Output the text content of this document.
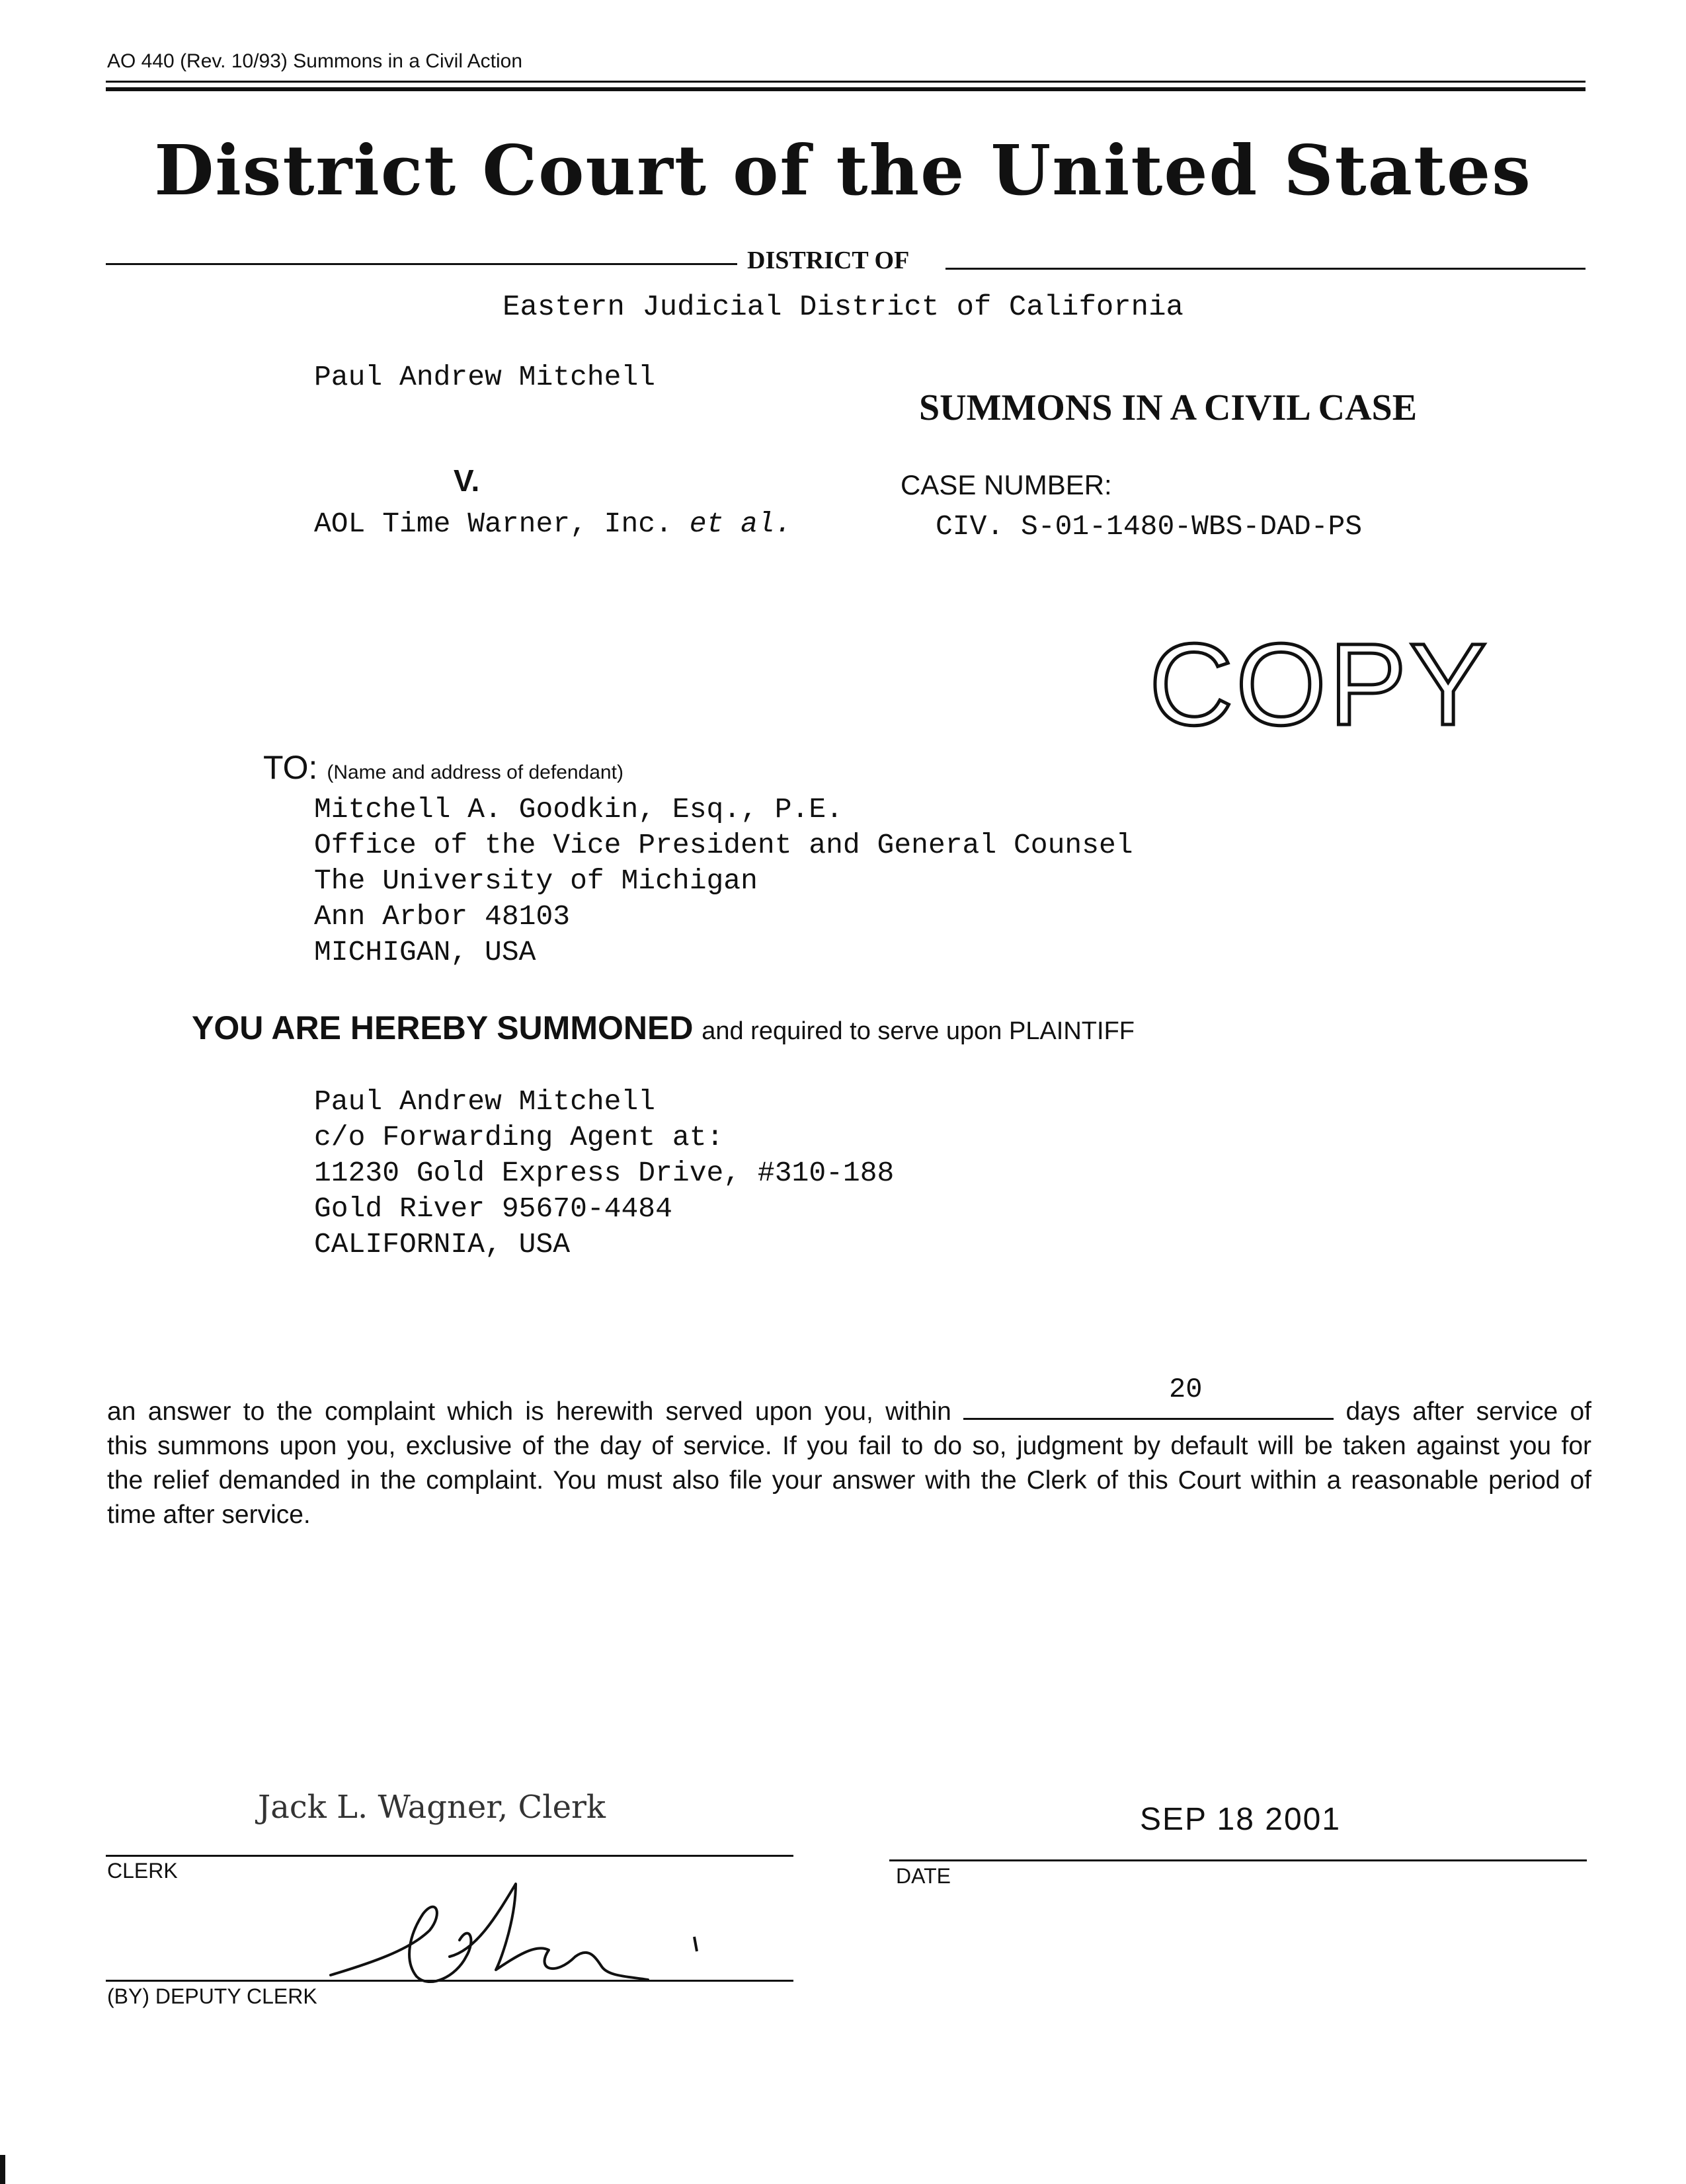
AO 440 (Rev. 10/93) Summons in a Civil Action
District Court of the United States
DISTRICT OF
Eastern Judicial District of California
Paul Andrew Mitchell
SUMMONS IN A CIVIL CASE
V.	CASE NUMBER:
AOL Time Warner, Inc. et al.	CIV. S-01-1480-WBS-DAD-PS
COPY
TO: (Name and address of defendant)
Mitchell A. Goodkin, Esq., P.E.
Office of the Vice President and General Counsel
The University of Michigan
Ann Arbor 48103
MICHIGAN, USA
YOU ARE HEREBY SUMMONED and required to serve upon PLAINTIFF
Paul Andrew Mitchell
c/o Forwarding Agent at:
11230 Gold Express Drive, #310-188
Gold River 95670-4484
CALIFORNIA, USA
20
an answer to the complaint which is herewith served upon you, within	days after service of
this summons upon you, exclusive of the day of service. If you fail to do so, judgment by default will be taken against you for
the relief demanded in the complaint. You must also file your answer with the Clerk of this Court within a reasonable period of
time after service.
Jack L. Wagner, Clerk	SEP 18 2001
CLERK	DATE
(BY) DEPUTY CLERK
